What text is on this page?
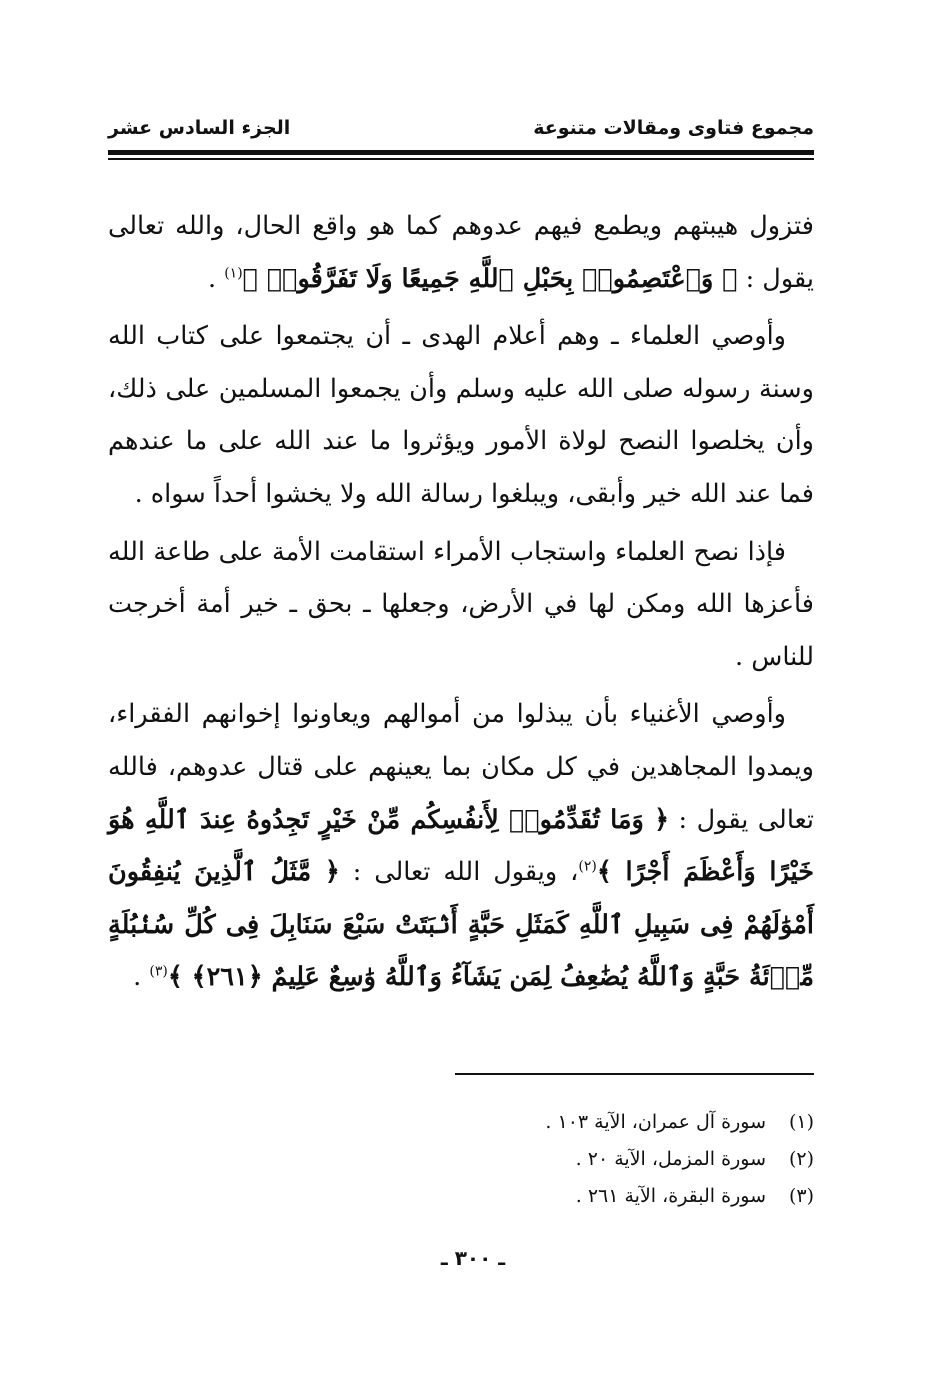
مجموع فتاوى ومقالات متنوعة
الجزء السادس عشر

فتزول هيبتهم ويطمع فيهم عدوهم كما هو واقع الحال، والله تعالى يقول : ﴿ وَٱعْتَصِمُوا۟ بِحَبْلِ ٱللَّهِ جَمِيعًا وَلَا تَفَرَّقُوا۟ ﴾$^{(١)}$ .

وأوصي العلماء ـ وهم أعلام الهدى ـ أن يجتمعوا على كتاب الله وسنة رسوله صلى الله عليه وسلم وأن يجمعوا المسلمين على ذلك، وأن يخلصوا النصح لولاة الأمور ويؤثروا ما عند الله على ما عندهم فما عند الله خير وأبقى، ويبلغوا رسالة الله ولا يخشوا أحداً سواه .

فإذا نصح العلماء واستجاب الأمراء استقامت الأمة على طاعة الله فأعزها الله ومكن لها في الأرض، وجعلها ـ بحق ـ خير أمة أخرجت للناس .

وأوصي الأغنياء بأن يبذلوا من أموالهم ويعاونوا إخوانهم الفقراء، ويمدوا المجاهدين في كل مكان بما يعينهم على قتال عدوهم، فالله تعالى يقول : ﴿ وَمَا تُقَدِّمُوا۟ لِأَنفُسِكُم مِّنْ خَيْرٍ تَجِدُوهُ عِندَ ٱللَّهِ هُوَ خَيْرًا وَأَعْظَمَ أَجْرًا ﴾$^{(٢)}$، ويقول الله تعالى : ﴿ مَّثَلُ ٱلَّذِينَ يُنفِقُونَ أَمْوَٰلَهُمْ فِى سَبِيلِ ٱللَّهِ كَمَثَلِ حَبَّةٍ أَنۢبَتَتْ سَبْعَ سَنَابِلَ فِى كُلِّ سُنۢبُلَةٍ مِّا۟ئَةُ حَبَّةٍ وَٱللَّهُ يُضَٰعِفُ لِمَن يَشَآءُ وَٱللَّهُ وَٰسِعٌ عَلِيمٌ ﴿٢٦١﴾ ﴾$^{(٣)}$ .

(١)
سورة آل عمران، الآية ١٠٣ .
(٢)
سورة المزمل، الآية ٢٠ .
(٣)
سورة البقرة، الآية ٢٦١ .
ـ ٣٠٠ ـ
